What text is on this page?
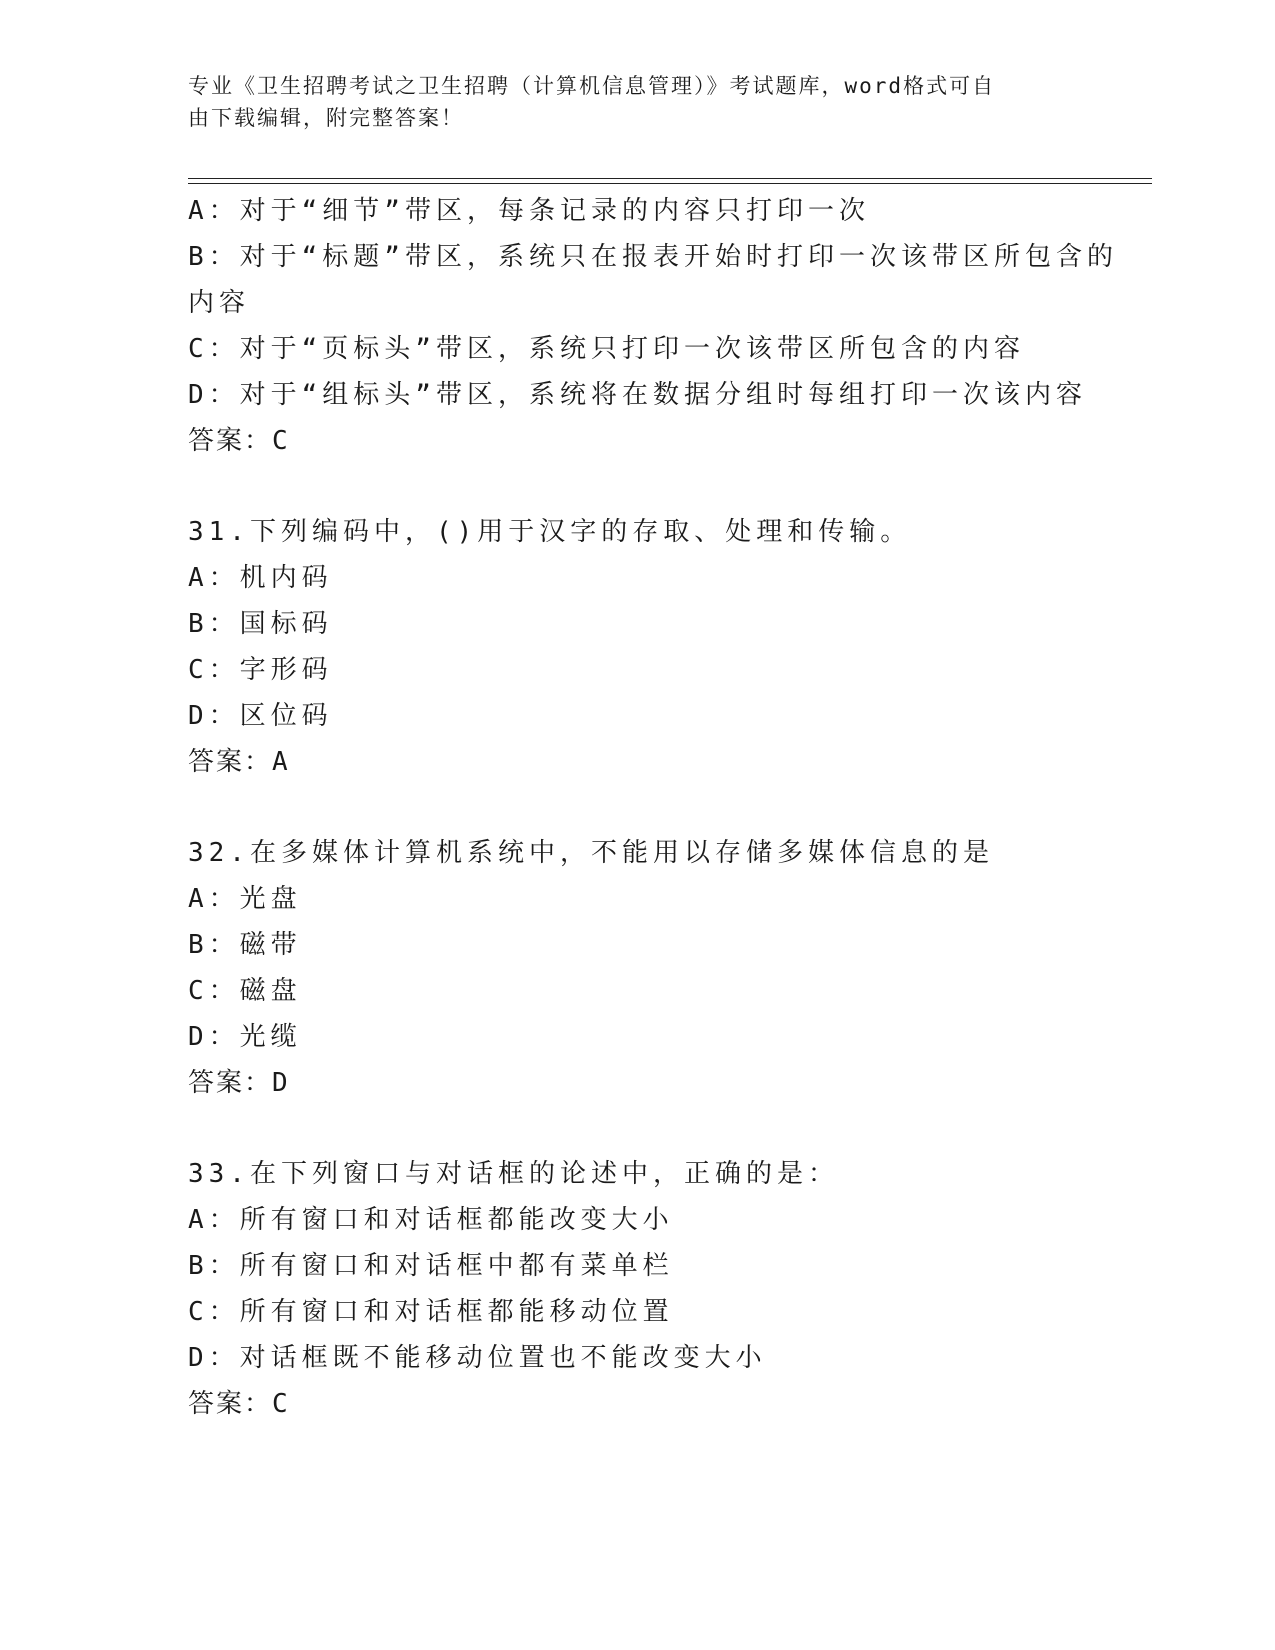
专业《卫生招聘考试之卫生招聘（计算机信息管理）》考试题库，word格式可自
由下载编辑，附完整答案！
A：对于“细节”带区，每条记录的内容只打印一次
B：对于“标题”带区，系统只在报表开始时打印一次该带区所包含的
内容
C：对于“页标头”带区，系统只打印一次该带区所包含的内容
D：对于“组标头”带区，系统将在数据分组时每组打印一次该内容
答案：C
31.下列编码中，()用于汉字的存取、处理和传输。
A：机内码
B：国标码
C：字形码
D：区位码
答案：A
32.在多媒体计算机系统中，不能用以存储多媒体信息的是
A：光盘
B：磁带
C：磁盘
D：光缆
答案：D
33.在下列窗口与对话框的论述中，正确的是：
A：所有窗口和对话框都能改变大小
B：所有窗口和对话框中都有菜单栏
C：所有窗口和对话框都能移动位置
D：对话框既不能移动位置也不能改变大小
答案：C
